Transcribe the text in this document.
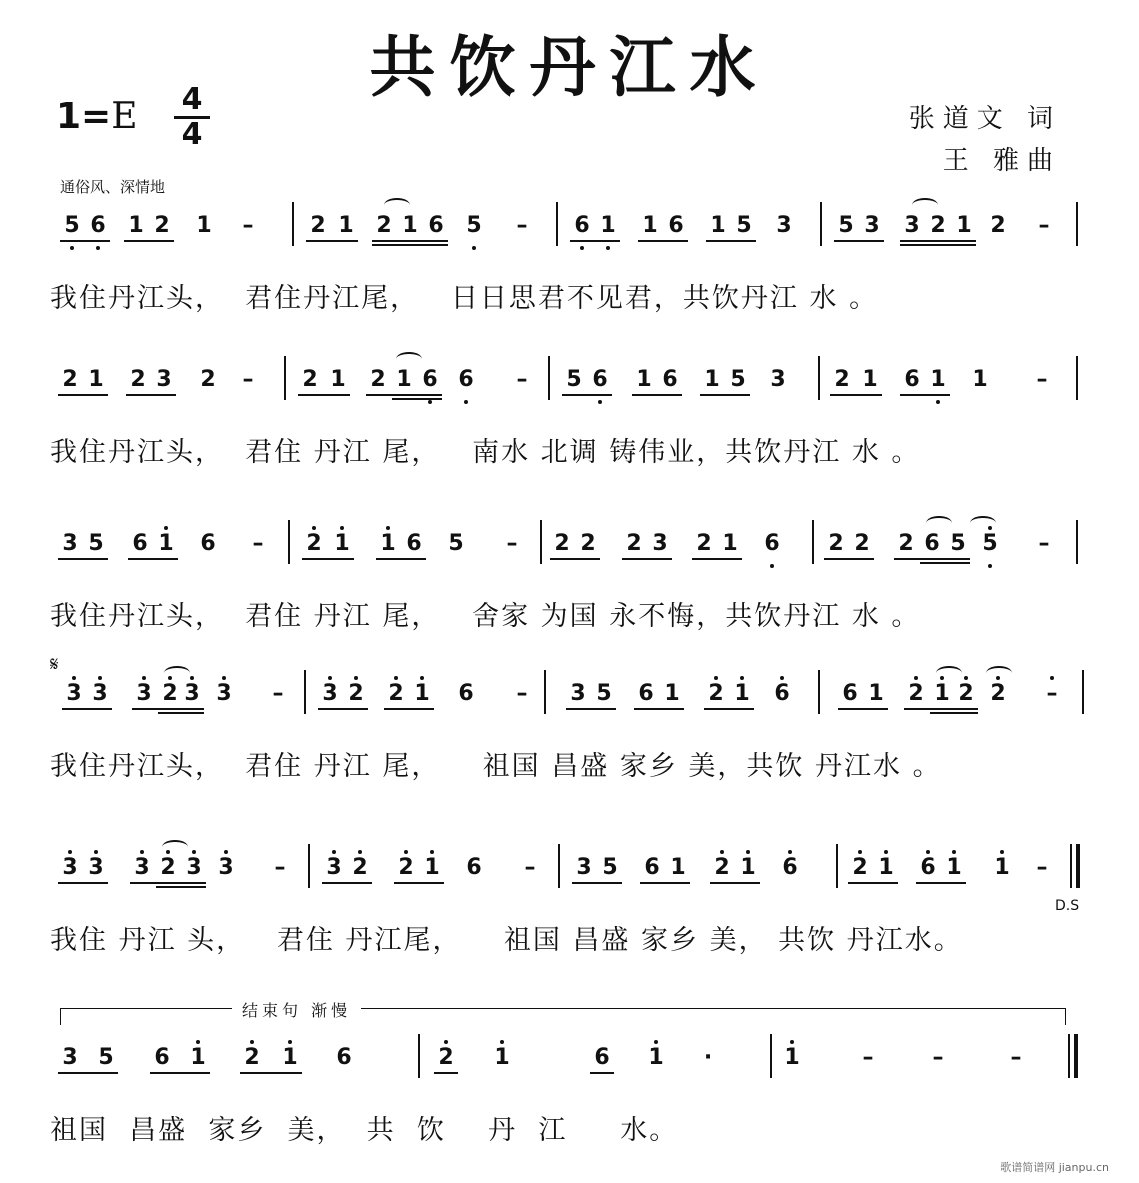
共饮丹江水
1=E 4
4	张道文 词
王 雅曲
通俗风、深情地
5 6 1 2 1 –	2 1 2 1 6 5 – 6 1 1 6 1 5 3 5 3 3 2 1 2 –
我住丹江头，  君住丹江尾，   日日思君不见君，共饮丹江 水 。
2 1 2 3 2 – 2 1 2 1 6 6 – 5 6 1 6 1 5 3 2 1 6 1 1 –
我住丹江头，  君住 丹江 尾，   南水 北调 铸伟业，共饮丹江 水 。
3 5 6 1 6 – 2 1 1 6 5 – 2 2 2 3 2 1 6 2 2 2 6 5 5 –
我住丹江头，  君住 丹江 尾，   舍家 为国 永不悔，共饮丹江 水 。
3 3 3 2 3 3 – 3 2 2 1 6 – 3 5 6 1 2 1 6 6 1 2 1 2 2 –
我住丹江头，  君住 丹江 尾，    祖国 昌盛 家乡 美，共饮 丹江水 。
3 3 3 2 3 3 – 3 2 2 1 6 – 3 5 6 1 2 1 6 2 1 6 1 1 –
我住 丹江 头，   君住 丹江尾，    祖国 昌盛 家乡 美， 共饮 丹江水。
3 5 6 1 2 1 6	2 1	6 1	·	1	–	–	–
祖国  昌盛  家乡  美，  共  饮    丹  江     水。
𝄋
D.S
结束句 渐慢
歌谱简谱网 jianpu.cn
